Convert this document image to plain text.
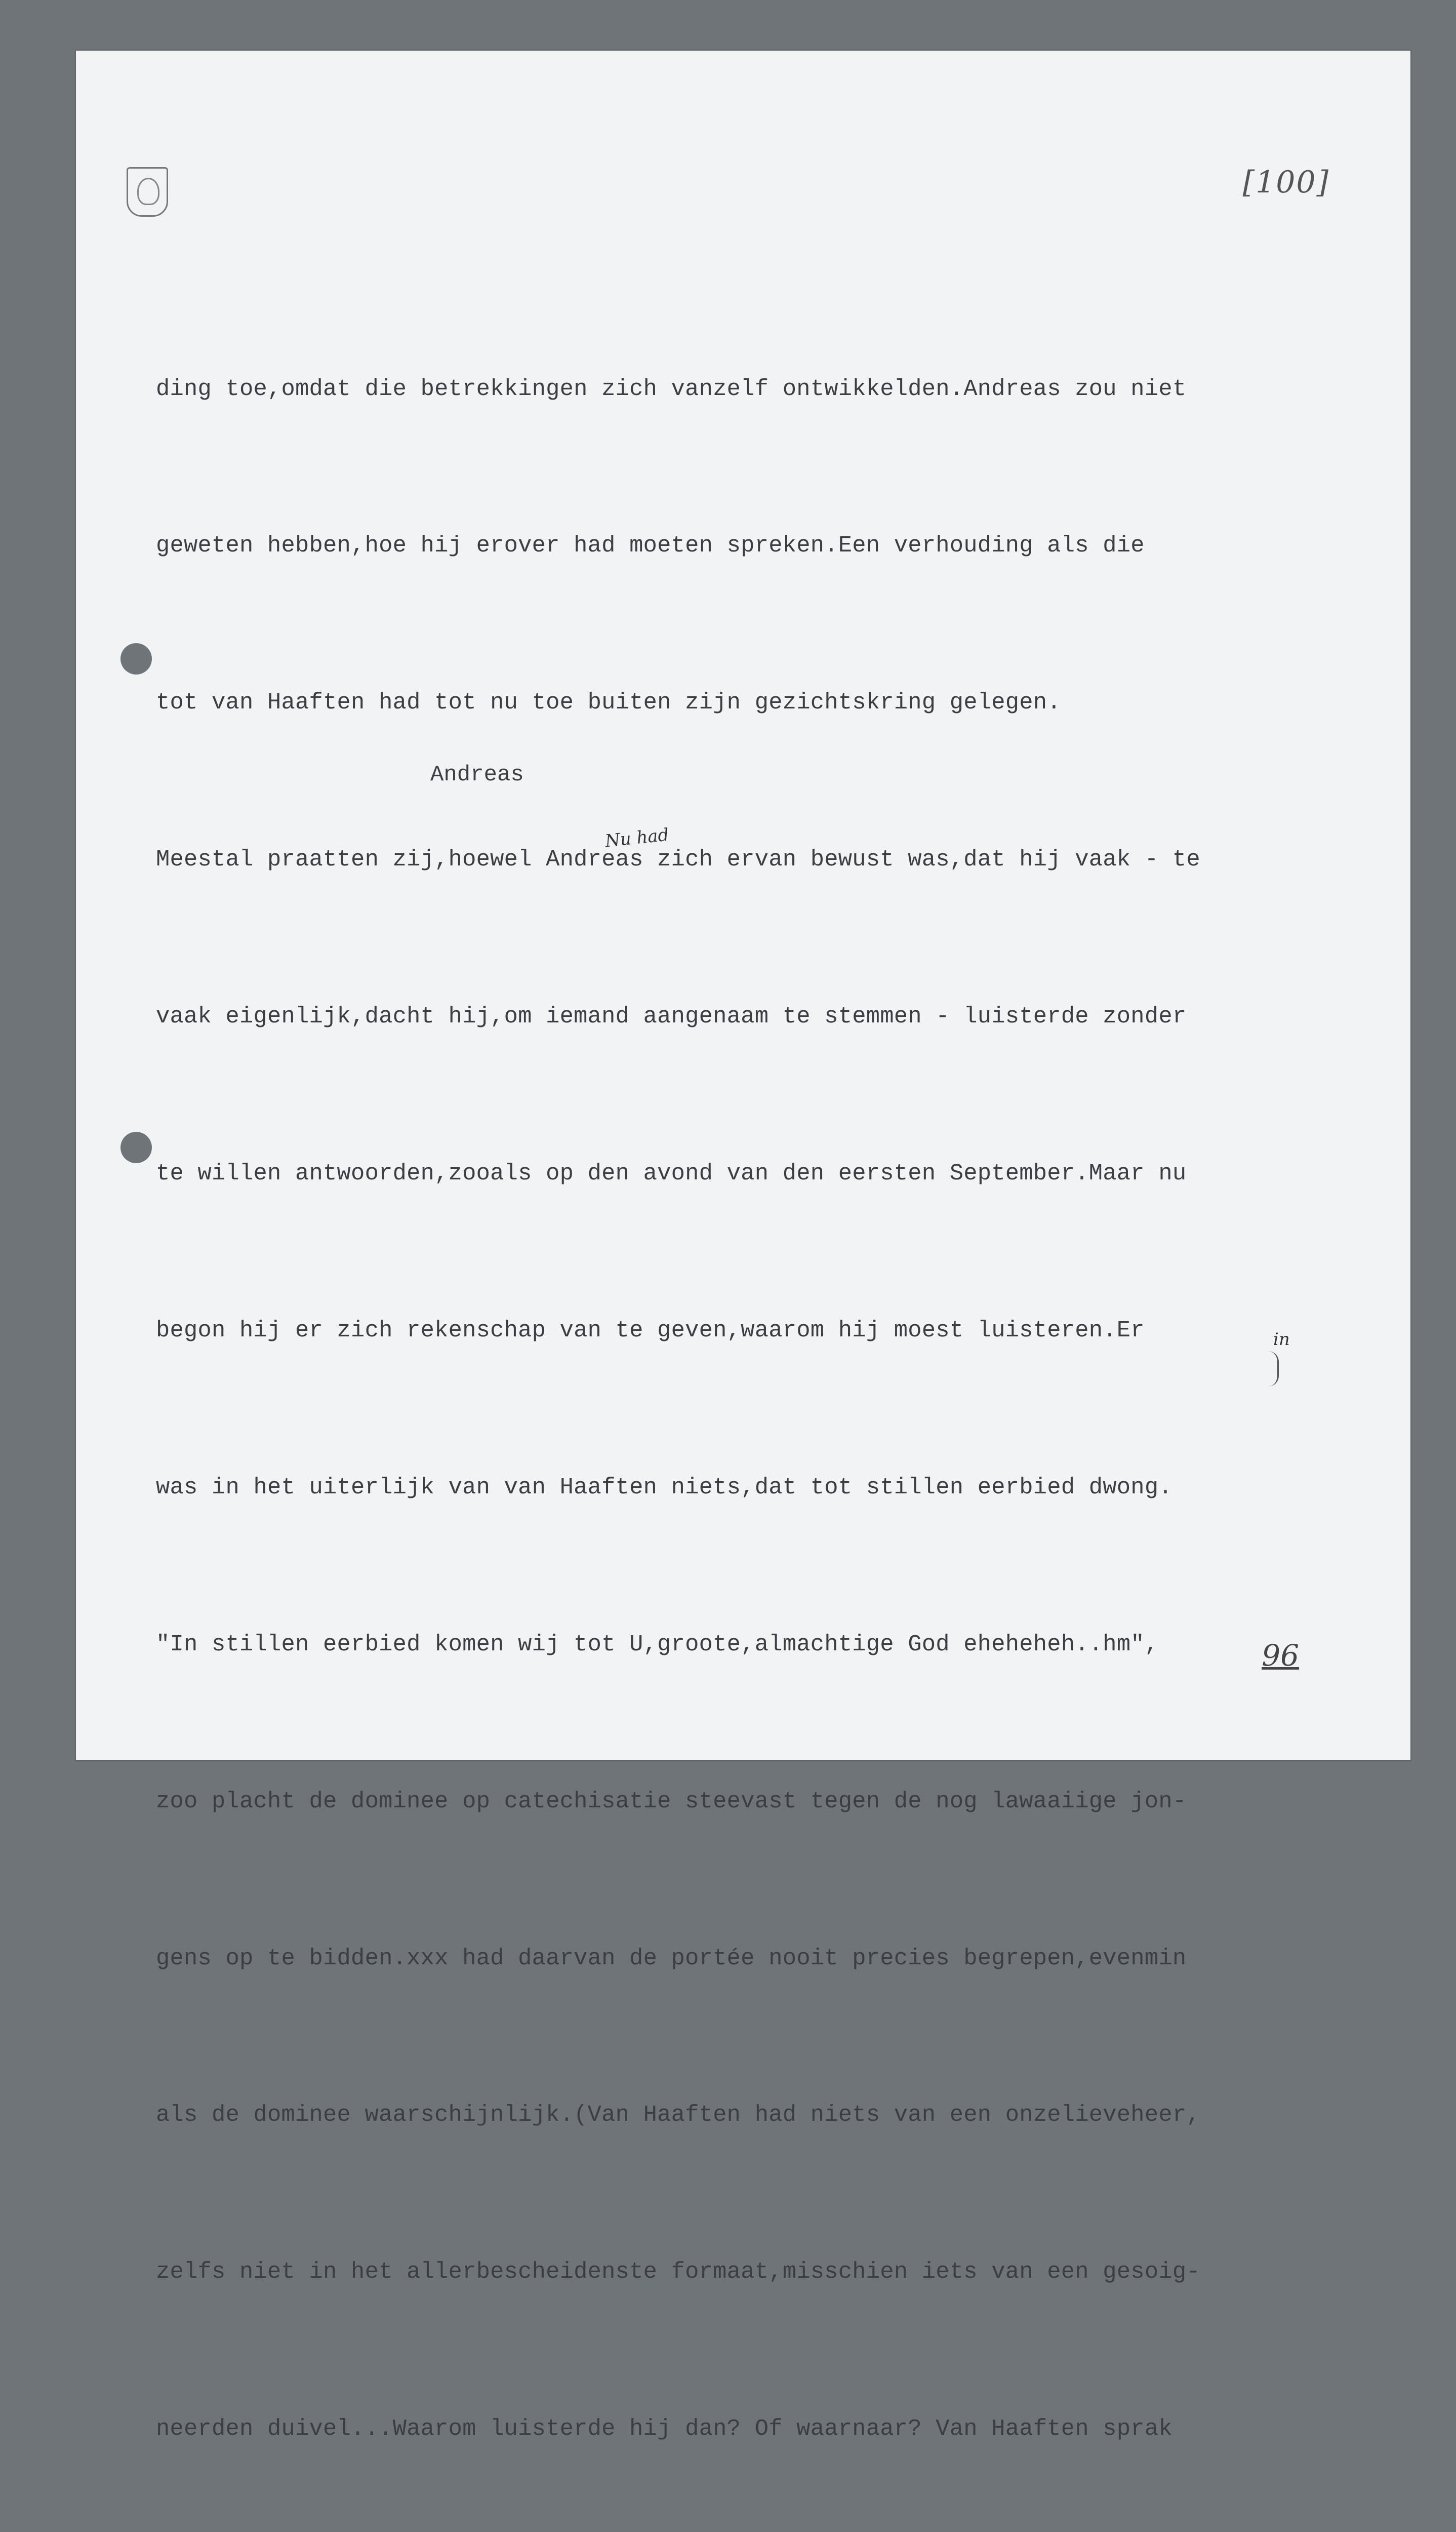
[100]
96

ding toe,omdat die betrekkingen zich vanzelf ontwikkelden.Andreas zou niet

geweten hebben,hoe hij erover had moeten spreken.Een verhouding als die

tot van Haaften had tot nu toe buiten zijn gezichtskring gelegen.

Meestal praatten zij,hoewel Andreas zich ervan bewust was,dat hij vaak - te

vaak eigenlijk,dacht hij,om iemand aangenaam te stemmen - luisterde zonder

te willen antwoorden,zooals op den avond van den eersten September.Maar nu

begon hij er zich rekenschap van te geven,waarom hij moest luisteren.Er

was in het uiterlijk van van Haaften niets,dat tot stillen eerbied dwong.

"In stillen eerbied komen wij tot U,groote,almachtige God eheheheh..hm",

zoo placht de dominee op catechisatie steevast tegen de nog lawaaiige jon-

gens op te bidden.xxx had daarvan de portée nooit precies begrepen,evenmin

als de dominee waarschijnlijk.(Van Haaften had niets van een onzelieveheer,

zelfs niet in het allerbescheidenste formaat,misschien iets van een gesoig-

neerden duivel...Waarom luisterde hij dan? Of waarnaar? Van Haaften sprak

Andreas
Nu had
in
